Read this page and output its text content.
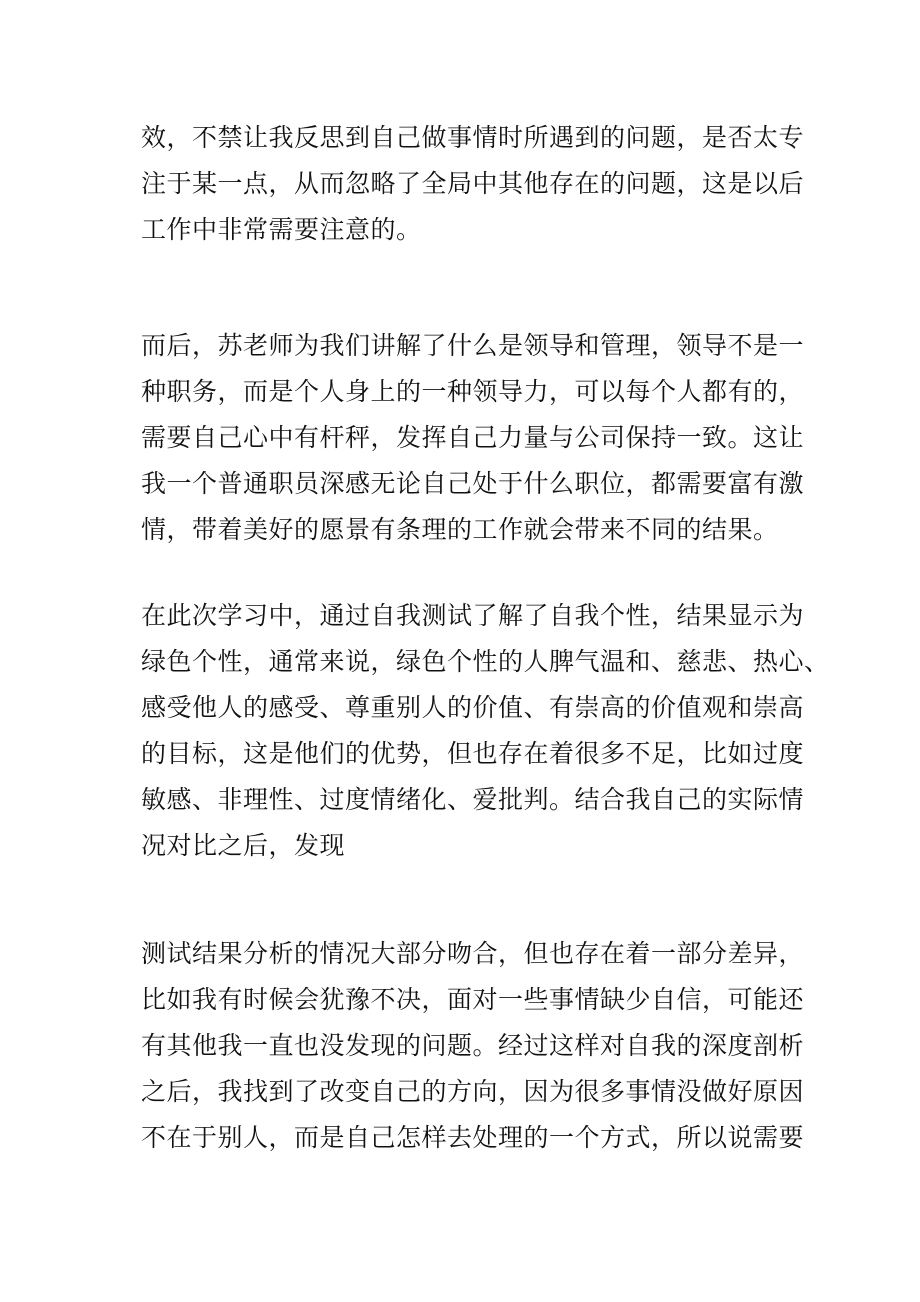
效，不禁让我反思到自己做事情时所遇到的问题，是否太专
注于某一点，从而忽略了全局中其他存在的问题，这是以后
工作中非常需要注意的。
而后，苏老师为我们讲解了什么是领导和管理，领导不是一
种职务，而是个人身上的一种领导力，可以每个人都有的，
需要自己心中有杆秤，发挥自己力量与公司保持一致。这让
我一个普通职员深感无论自己处于什么职位，都需要富有激
情，带着美好的愿景有条理的工作就会带来不同的结果。
在此次学习中，通过自我测试了解了自我个性，结果显示为
绿色个性，通常来说，绿色个性的人脾气温和、慈悲、热心、
感受他人的感受、尊重别人的价值、有崇高的价值观和崇高
的目标，这是他们的优势，但也存在着很多不足，比如过度
敏感、非理性、过度情绪化、爱批判。结合我自己的实际情
况对比之后，发现
测试结果分析的情况大部分吻合，但也存在着一部分差异，
比如我有时候会犹豫不决，面对一些事情缺少自信，可能还
有其他我一直也没发现的问题。经过这样对自我的深度剖析
之后，我找到了改变自己的方向，因为很多事情没做好原因
不在于别人，而是自己怎样去处理的一个方式，所以说需要
